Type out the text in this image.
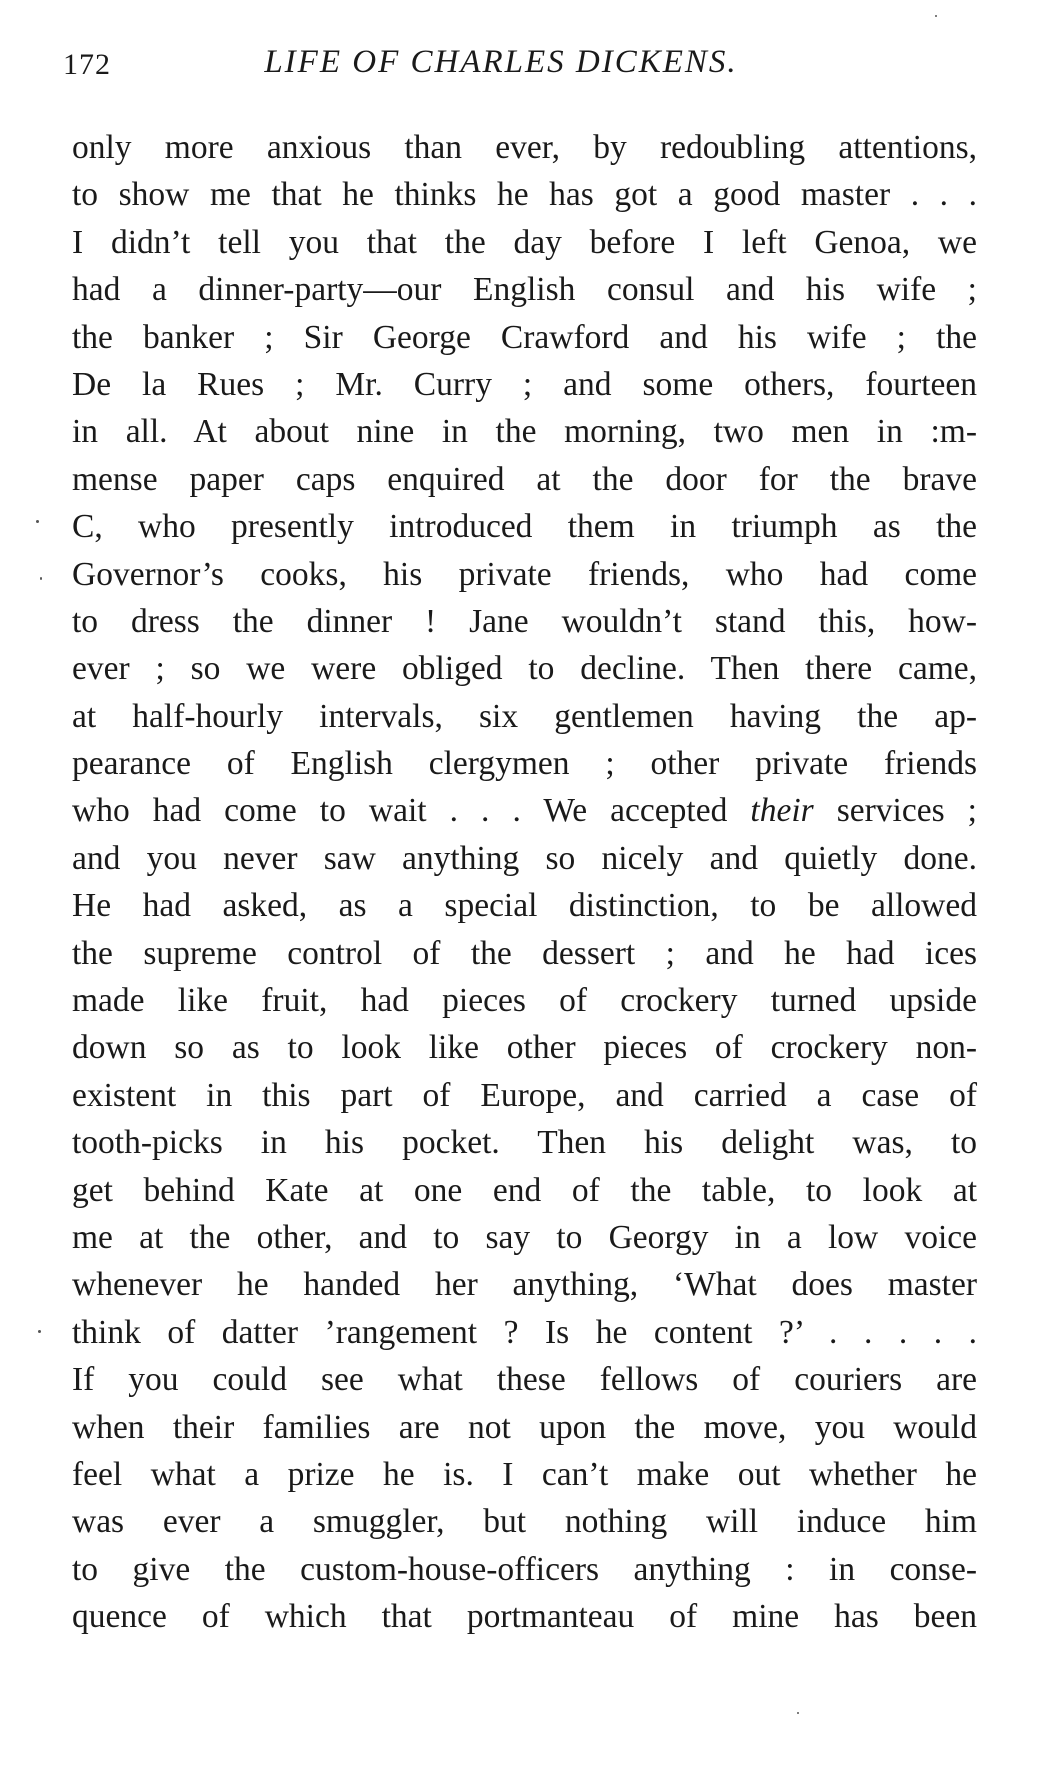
172	LIFE OF CHARLES DICKENS.
only more anxious than ever, by redoubling attentions,
to show me that he thinks he has got a good master . . .
I didn’t tell you that the day before I left Genoa, we
had a dinner-party—our English consul and his wife ;
the banker ; Sir George Crawford and his wife ; the
De la Rues ; Mr. Curry ; and some others, fourteen
in all. At about nine in the morning, two men in :m-
mense paper caps enquired at the door for the brave
C, who presently introduced them in triumph as the
Governor’s cooks, his private friends, who had come
to dress the dinner ! Jane wouldn’t stand this, how-
ever ; so we were obliged to decline. Then there came,
at half-hourly intervals, six gentlemen having the ap-
pearance of English clergymen ; other private friends
who had come to wait . . . We accepted their services ;
and you never saw anything so nicely and quietly done.
He had asked, as a special distinction, to be allowed
the supreme control of the dessert ; and he had ices
made like fruit, had pieces of crockery turned upside
down so as to look like other pieces of crockery non-
existent in this part of Europe, and carried a case of
tooth-picks in his pocket. Then his delight was, to
get behind Kate at one end of the table, to look at
me at the other, and to say to Georgy in a low voice
whenever he handed her anything, ‘What does master
think of datter ’rangement ? Is he content ?’ . . . . .
If you could see what these fellows of couriers are
when their families are not upon the move, you would
feel what a prize he is. I can’t make out whether he
was ever a smuggler, but nothing will induce him
to give the custom-house-officers anything : in conse-
quence of which that portmanteau of mine has been
